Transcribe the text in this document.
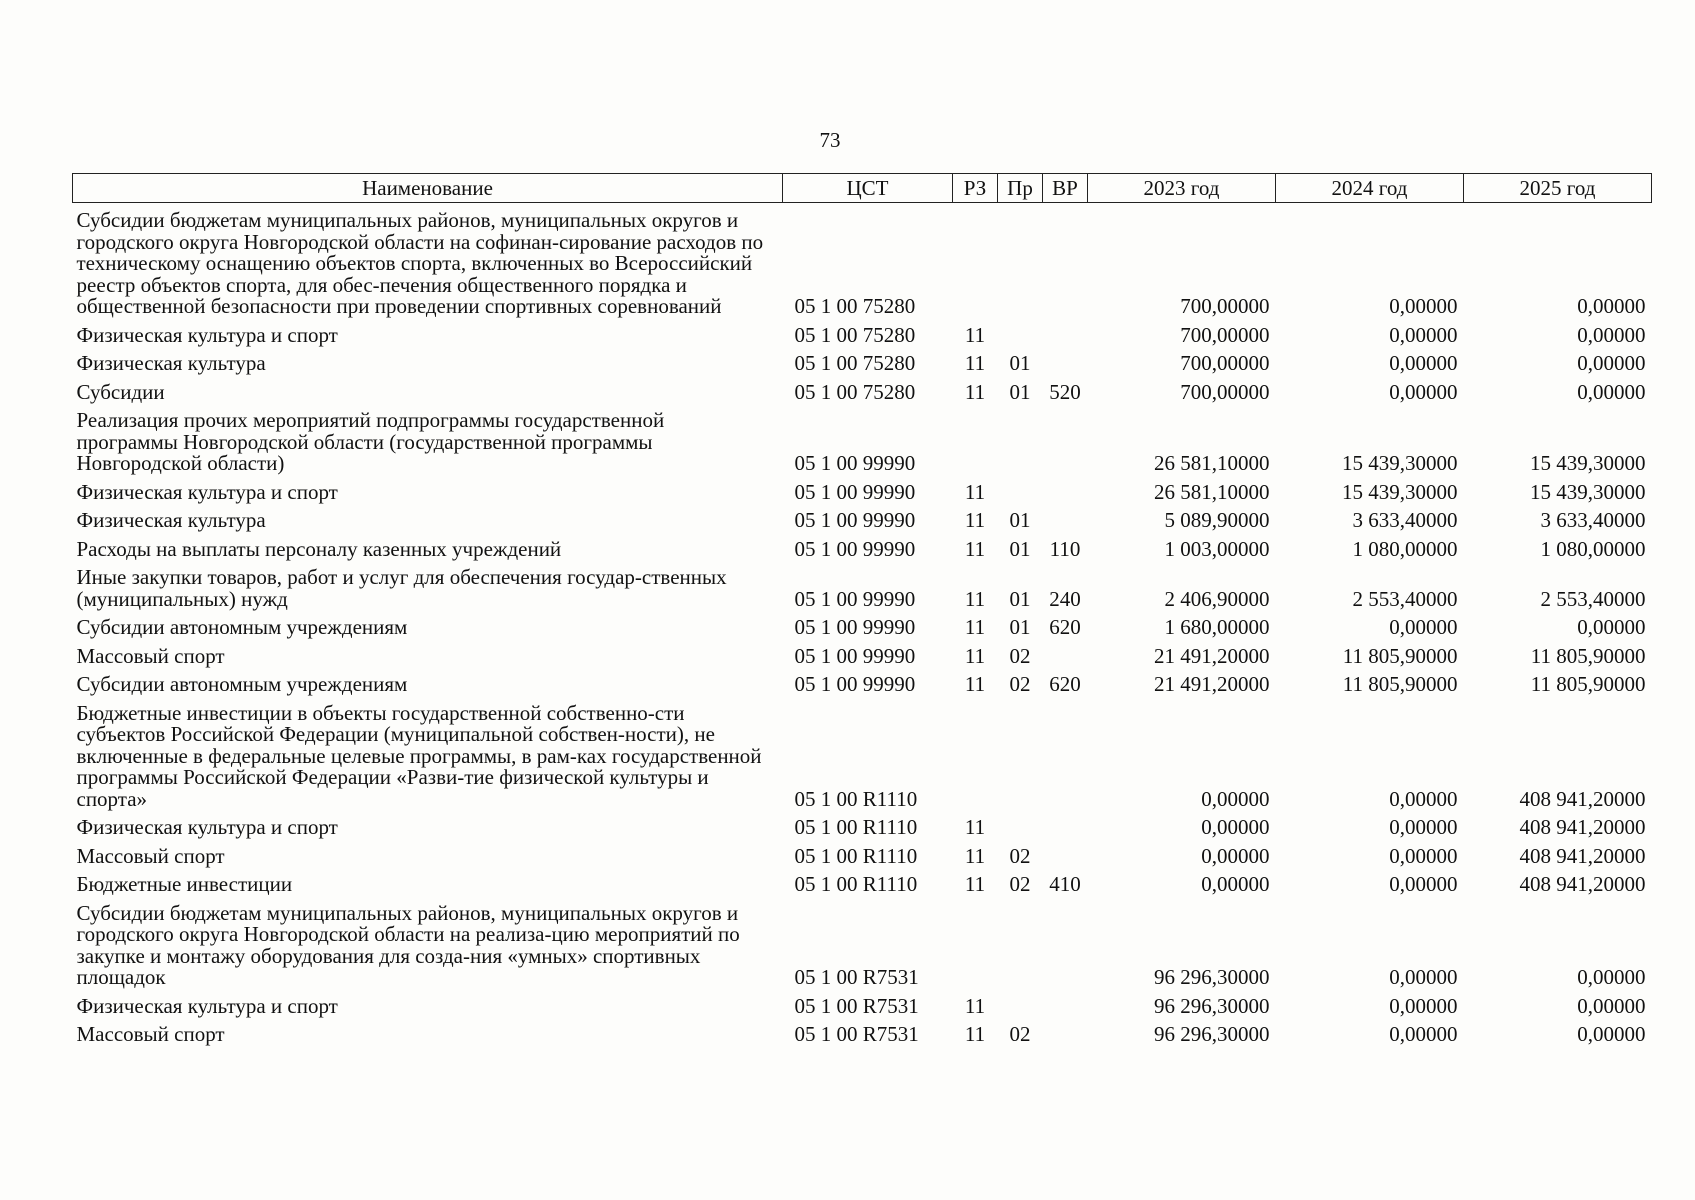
73
Наименование	ЦСТ	РЗ	Пр	ВР	2023 год	2024 год	2025 год
Субсидии бюджетам муниципальных районов, муниципальных округов и городского округа Новгородской области на софинан-сирование расходов по техническому оснащению объектов спорта, включенных во Всероссийский реестр объектов спорта, для обес-печения общественного порядка и общественной безопасности при проведении спортивных соревнований	05 1 00 75280				700,00000	0,00000	0,00000
Физическая культура и спорт	05 1 00 75280	11			700,00000	0,00000	0,00000
Физическая культура	05 1 00 75280	11	01		700,00000	0,00000	0,00000
Субсидии	05 1 00 75280	11	01	520	700,00000	0,00000	0,00000
Реализация прочих мероприятий подпрограммы государственной программы Новгородской области (государственной программы Новгородской области)	05 1 00 99990				26 581,10000	15 439,30000	15 439,30000
Физическая культура и спорт	05 1 00 99990	11			26 581,10000	15 439,30000	15 439,30000
Физическая культура	05 1 00 99990	11	01		5 089,90000	3 633,40000	3 633,40000
Расходы на выплаты персоналу казенных учреждений	05 1 00 99990	11	01	110	1 003,00000	1 080,00000	1 080,00000
Иные закупки товаров, работ и услуг для обеспечения государ-ственных (муниципальных) нужд	05 1 00 99990	11	01	240	2 406,90000	2 553,40000	2 553,40000
Субсидии автономным учреждениям	05 1 00 99990	11	01	620	1 680,00000	0,00000	0,00000
Массовый спорт	05 1 00 99990	11	02		21 491,20000	11 805,90000	11 805,90000
Субсидии автономным учреждениям	05 1 00 99990	11	02	620	21 491,20000	11 805,90000	11 805,90000
Бюджетные инвестиции в объекты государственной собственно-сти субъектов Российской Федерации (муниципальной собствен-ности), не включенные в федеральные целевые программы, в рам-ках государственной программы Российской Федерации «Разви-тие физической культуры и спорта»	05 1 00 R1110				0,00000	0,00000	408 941,20000
Физическая культура и спорт	05 1 00 R1110	11			0,00000	0,00000	408 941,20000
Массовый спорт	05 1 00 R1110	11	02		0,00000	0,00000	408 941,20000
Бюджетные инвестиции	05 1 00 R1110	11	02	410	0,00000	0,00000	408 941,20000
Субсидии бюджетам муниципальных районов, муниципальных округов и городского округа Новгородской области на реализа-цию мероприятий по закупке и монтажу оборудования для созда-ния «умных» спортивных площадок	05 1 00 R7531				96 296,30000	0,00000	0,00000
Физическая культура и спорт	05 1 00 R7531	11			96 296,30000	0,00000	0,00000
Массовый спорт	05 1 00 R7531	11	02		96 296,30000	0,00000	0,00000
